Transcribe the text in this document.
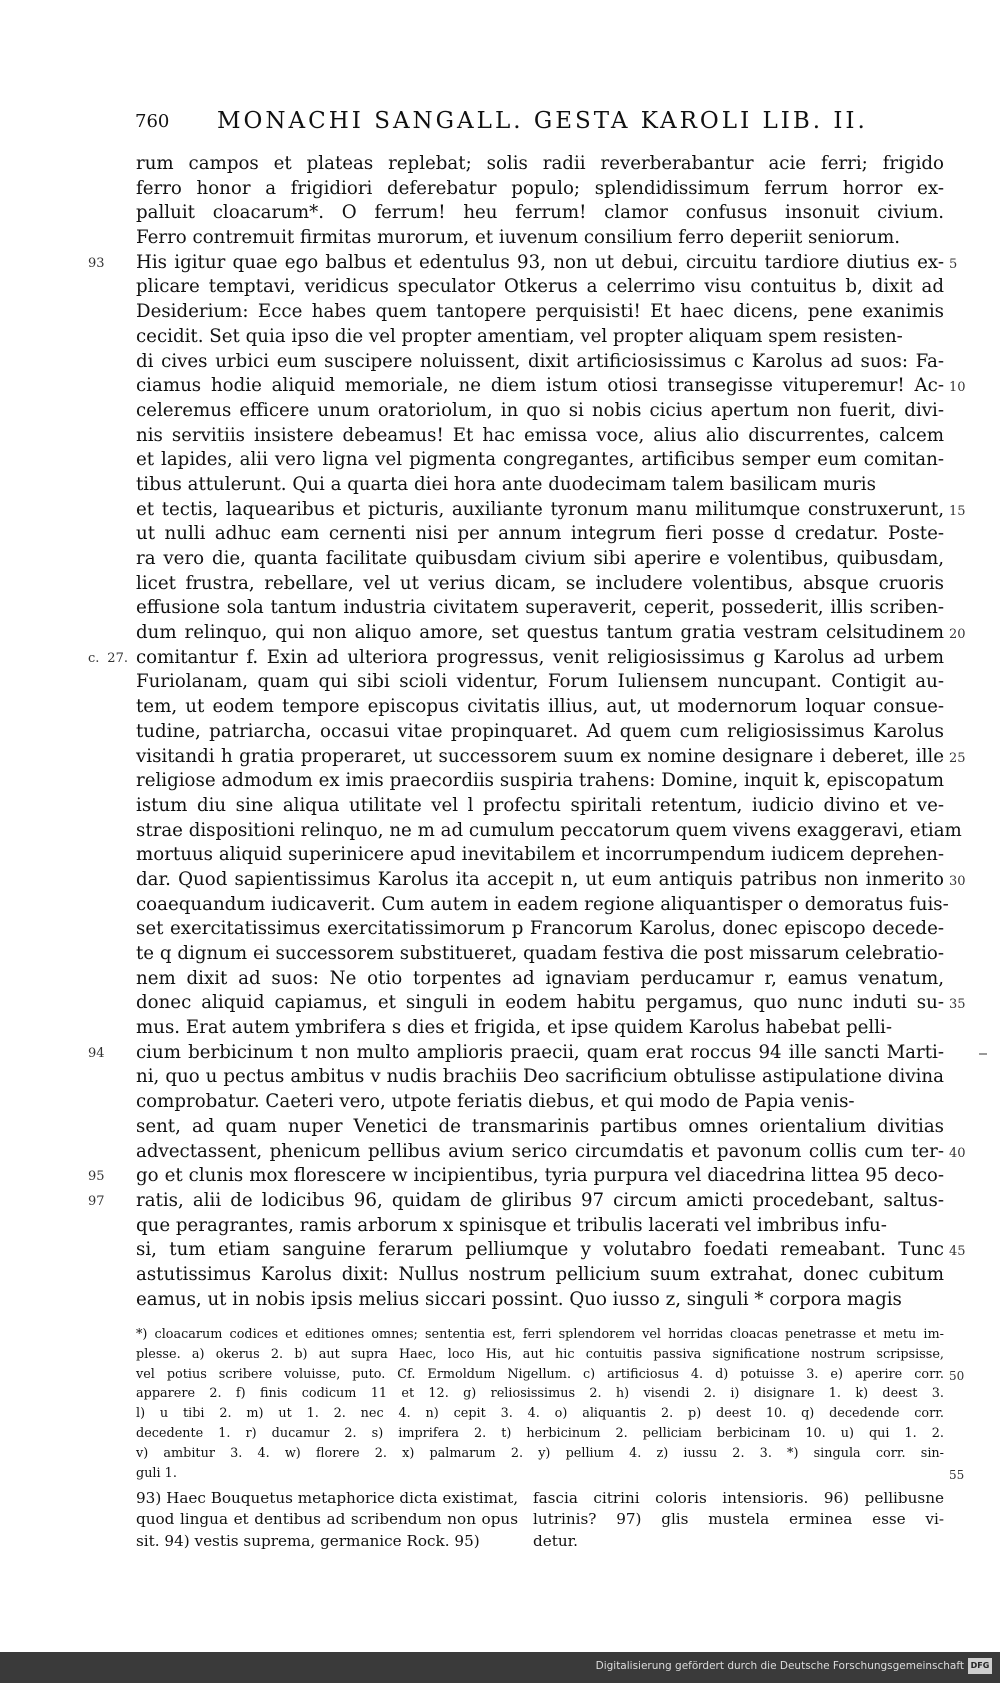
760 MONACHI SANGALL. GESTA KAROLI LIB. II.
rum campos et plateas replebat; solis radii reverberabantur acie ferri; frigido
ferro honor a frigidiori deferebatur populo; splendidissimum ferrum horror ex-
palluit cloacarum*. O ferrum! heu ferrum! clamor confusus insonuit civium.
Ferro contremuit firmitas murorum, et iuvenum consilium ferro deperiit seniorum.
His igitur quae ego balbus et edentulus 93, non ut debui, circuitu tardiore diutius ex- 5
93
plicare temptavi, veridicus speculator Otkerus a celerrimo visu contuitus b, dixit ad
Desiderium: Ecce habes quem tantopere perquisisti! Et haec dicens, pene exanimis
cecidit. Set quia ipso die vel propter amentiam, vel propter aliquam spem resisten-
di cives urbici eum suscipere noluissent, dixit artificiosissimus c Karolus ad suos: Fa-
ciamus hodie aliquid memoriale, ne diem istum otiosi transegisse vituperemur! Ac- 10
celeremus efficere unum oratoriolum, in quo si nobis cicius apertum non fuerit, divi-
nis servitiis insistere debeamus! Et hac emissa voce, alius alio discurrentes, calcem
et lapides, alii vero ligna vel pigmenta congregantes, artificibus semper eum comitan-
tibus attulerunt. Qui a quarta diei hora ante duodecimam talem basilicam muris
et tectis, laquearibus et picturis, auxiliante tyronum manu militumque construxerunt, 15
ut nulli adhuc eam cernenti nisi per annum integrum fieri posse d credatur. Poste-
ra vero die, quanta facilitate quibusdam civium sibi aperire e volentibus, quibusdam,
licet frustra, rebellare, vel ut verius dicam, se includere volentibus, absque cruoris
effusione sola tantum industria civitatem superaverit, ceperit, possederit, illis scriben-
dum relinquo, qui non aliquo amore, set questus tantum gratia vestram celsitudinem 20
comitantur f. Exin ad ulteriora progressus, venit religiosissimus g Karolus ad urbem
c. 27.
Furiolanam, quam qui sibi scioli videntur, Forum Iuliensem nuncupant. Contigit au-
tem, ut eodem tempore episcopus civitatis illius, aut, ut modernorum loquar consue-
tudine, patriarcha, occasui vitae propinquaret. Ad quem cum religiosissimus Karolus
visitandi h gratia properaret, ut successorem suum ex nomine designare i deberet, ille 25
religiose admodum ex imis praecordiis suspiria trahens: Domine, inquit k, episcopatum
istum diu sine aliqua utilitate vel l profectu spiritali retentum, iudicio divino et ve-
strae dispositioni relinquo, ne m ad cumulum peccatorum quem vivens exaggeravi, etiam
mortuus aliquid superinicere apud inevitabilem et incorrumpendum iudicem deprehen-
dar. Quod sapientissimus Karolus ita accepit n, ut eum antiquis patribus non inmerito 30
coaequandum iudicaverit. Cum autem in eadem regione aliquantisper o demoratus fuis-
set exercitatissimus exercitatissimorum p Francorum Karolus, donec episcopo decede-
te q dignum ei successorem substitueret, quadam festiva die post missarum celebratio-
nem dixit ad suos: Ne otio torpentes ad ignaviam perducamur r, eamus venatum,
donec aliquid capiamus, et singuli in eodem habitu pergamus, quo nunc induti su- 35
mus. Erat autem ymbrifera s dies et frigida, et ipse quidem Karolus habebat pelli-
cium berbicinum t non multo amplioris praecii, quam erat roccus 94 ille sancti Marti-
94
ni, quo u pectus ambitus v nudis brachiis Deo sacrificium obtulisse astipulatione divina
comprobatur. Caeteri vero, utpote feriatis diebus, et qui modo de Papia venis-
sent, ad quam nuper Venetici de transmarinis partibus omnes orientalium divitias
advectassent, phenicum pellibus avium serico circumdatis et pavonum collis cum ter- 40
go et clunis mox florescere w incipientibus, tyria purpura vel diacedrina littea 95 deco-
95
ratis, alii de lodicibus 96, quidam de gliribus 97 circum amicti procedebant, saltus-
97
que peragrantes, ramis arborum x spinisque et tribulis lacerati vel imbribus infu-
si, tum etiam sanguine ferarum pelliumque y volutabro foedati remeabant. Tunc 45
astutissimus Karolus dixit: Nullus nostrum pellicium suum extrahat, donec cubitum
eamus, ut in nobis ipsis melius siccari possint. Quo iusso z, singuli * corpora magis
*) cloacarum codices et editiones omnes; sententia est, ferri splendorem vel horridas cloacas penetrasse et metu im-
plesse. a) okerus 2. b) aut supra Haec, loco His, aut hic contuitis passiva significatione nostrum scripsisse,
vel potius scribere voluisse, puto. Cf. Ermoldum Nigellum. c) artificiosus 4. d) potuisse 3. e) aperire corr. 50
apparere 2. f) finis codicum 11 et 12. g) reliosissimus 2. h) visendi 2. i) disignare 1. k) deest 3.
l) u tibi 2. m) ut 1. 2. nec 4. n) cepit 3. 4. o) aliquantis 2. p) deest 10. q) decedende corr.
decedente 1. r) ducamur 2. s) imprifera 2. t) herbicinum 2. pelliciam berbicinam 10. u) qui 1. 2.
v) ambitur 3. 4. w) florere 2. x) palmarum 2. y) pellium 4. z) iussu 2. 3. *) singula corr. sin-
guli 1.	55
93) Haec Bouquetus metaphorice dicta existimat,
quod lingua et dentibus ad scribendum non opus
sit. 94) vestis suprema, germanice Rock. 95)
fascia citrini coloris intensioris. 96) pellibusne
lutrinis? 97) glis mustela erminea esse vi-
detur.
Digitalisierung gefördert durch die Deutsche Forschungsgemeinschaft DFG
